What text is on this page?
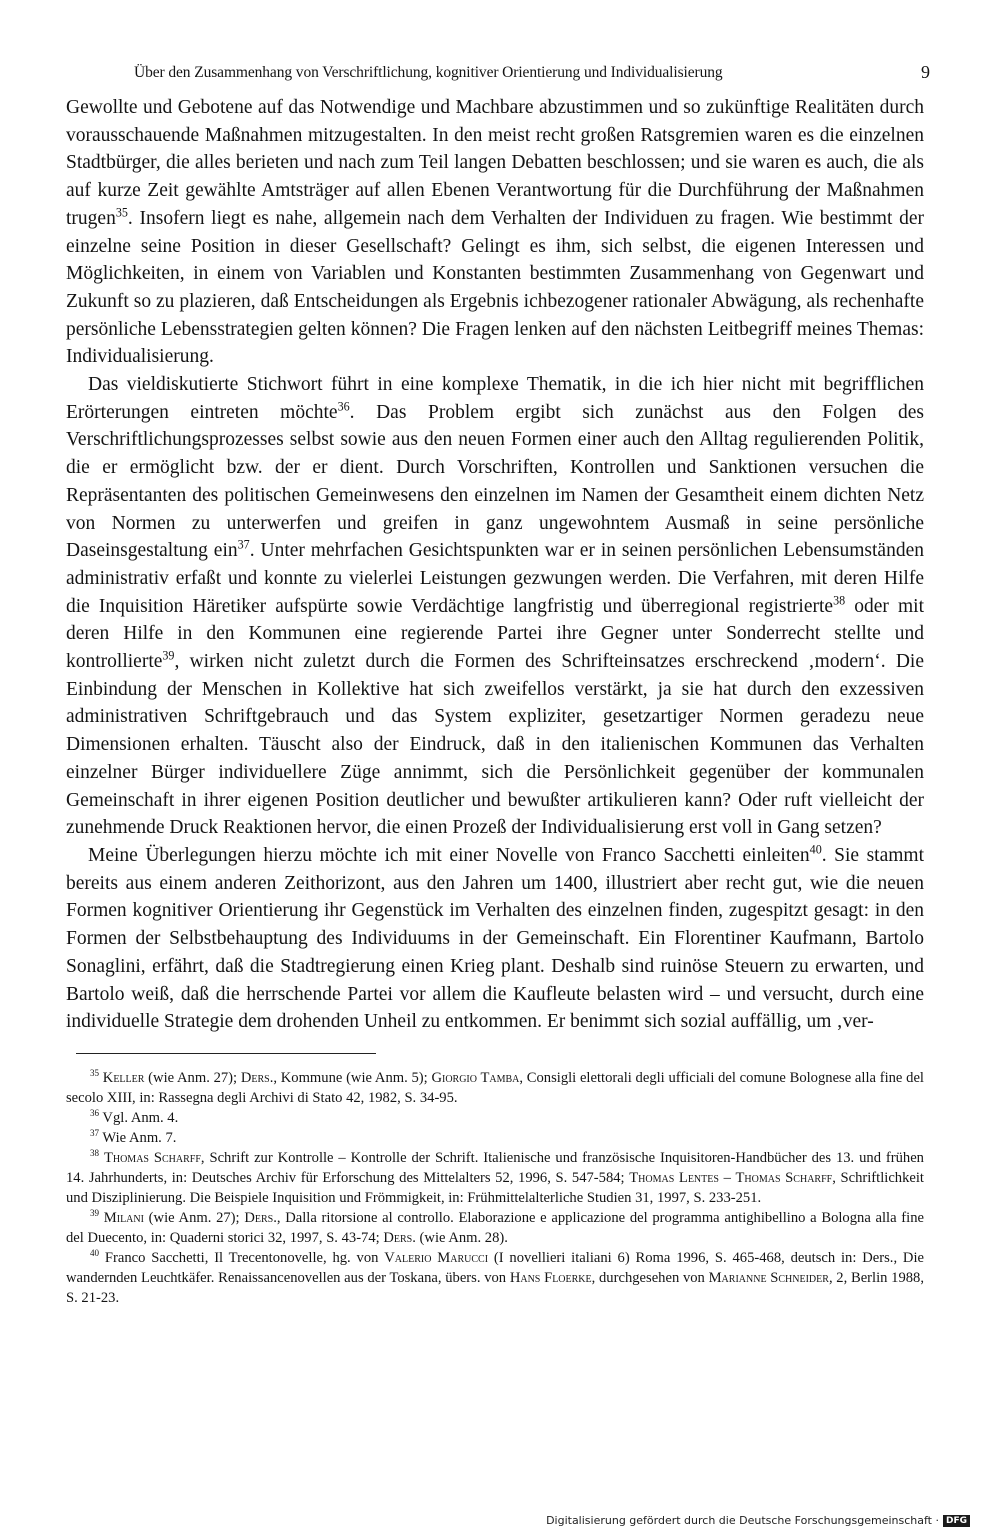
Über den Zusammenhang von Verschriftlichung, kognitiver Orientierung und Individualisierung	9

Gewollte und Gebotene auf das Notwendige und Machbare abzustimmen und so zukünftige Realitäten durch vorausschauende Maßnahmen mitzugestalten. In den meist recht großen Ratsgremien waren es die einzelnen Stadtbürger, die alles berieten und nach zum Teil langen Debatten beschlossen; und sie waren es auch, die als auf kurze Zeit gewählte Amtsträger auf allen Ebenen Verantwortung für die Durchführung der Maßnahmen trugen$^{35}$. Insofern liegt es nahe, allgemein nach dem Verhalten der Individuen zu fragen. Wie bestimmt der einzelne seine Position in dieser Gesellschaft? Gelingt es ihm, sich selbst, die eigenen Interessen und Möglichkeiten, in einem von Variablen und Konstanten bestimmten Zusammenhang von Gegenwart und Zukunft so zu plazieren, daß Entscheidungen als Ergebnis ichbezogener rationaler Abwägung, als rechenhafte persönliche Lebensstrategien gelten können? Die Fragen lenken auf den nächsten Leitbegriff meines Themas: Individualisierung.

Das vieldiskutierte Stichwort führt in eine komplexe Thematik, in die ich hier nicht mit begrifflichen Erörterungen eintreten möchte$^{36}$. Das Problem ergibt sich zunächst aus den Folgen des Verschriftlichungsprozesses selbst sowie aus den neuen Formen einer auch den Alltag regulierenden Politik, die er ermöglicht bzw. der er dient. Durch Vorschriften, Kontrollen und Sanktionen versuchen die Repräsentanten des politischen Gemeinwesens den einzelnen im Namen der Gesamtheit einem dichten Netz von Normen zu unterwerfen und greifen in ganz ungewohntem Ausmaß in seine persönliche Daseinsgestaltung ein$^{37}$. Unter mehrfachen Gesichtspunkten war er in seinen persönlichen Lebensumständen administrativ erfaßt und konnte zu vielerlei Leistungen gezwungen werden. Die Verfahren, mit deren Hilfe die Inquisition Häretiker aufspürte sowie Verdächtige langfristig und überregional registrierte$^{38}$ oder mit deren Hilfe in den Kommunen eine regierende Partei ihre Gegner unter Sonderrecht stellte und kontrollierte$^{39}$, wirken nicht zuletzt durch die Formen des Schrifteinsatzes erschreckend ‚modern‘. Die Einbindung der Menschen in Kollektive hat sich zweifellos verstärkt, ja sie hat durch den exzessiven administrativen Schriftgebrauch und das System expliziter, gesetzartiger Normen geradezu neue Dimensionen erhalten. Täuscht also der Eindruck, daß in den italienischen Kommunen das Verhalten einzelner Bürger individuellere Züge annimmt, sich die Persönlichkeit gegenüber der kommunalen Gemeinschaft in ihrer eigenen Position deutlicher und bewußter artikulieren kann? Oder ruft vielleicht der zunehmende Druck Reaktionen hervor, die einen Prozeß der Individualisierung erst voll in Gang setzen?

Meine Überlegungen hierzu möchte ich mit einer Novelle von Franco Sacchetti einleiten$^{40}$. Sie stammt bereits aus einem anderen Zeithorizont, aus den Jahren um 1400, illustriert aber recht gut, wie die neuen Formen kognitiver Orientierung ihr Gegenstück im Verhalten des einzelnen finden, zugespitzt gesagt: in den Formen der Selbstbehauptung des Individuums in der Gemeinschaft. Ein Florentiner Kaufmann, Bartolo Sonaglini, erfährt, daß die Stadtregierung einen Krieg plant. Deshalb sind ruinöse Steuern zu erwarten, und Bartolo weiß, daß die herrschende Partei vor allem die Kaufleute belasten wird – und versucht, durch eine individuelle Strategie dem drohenden Unheil zu entkommen. Er benimmt sich sozial auffällig, um ‚ver-

$^{35}$ Keller (wie Anm. 27); Ders., Kommune (wie Anm. 5); Giorgio Tamba, Consigli elettorali degli ufficiali del comune Bolognese alla fine del secolo XIII, in: Rassegna degli Archivi di Stato 42, 1982, S. 34-95.

$^{36}$ Vgl. Anm. 4.

$^{37}$ Wie Anm. 7.

$^{38}$ Thomas Scharff, Schrift zur Kontrolle – Kontrolle der Schrift. Italienische und französische Inquisitoren-Handbücher des 13. und frühen 14. Jahrhunderts, in: Deutsches Archiv für Erforschung des Mittelalters 52, 1996, S. 547-584; Thomas Lentes – Thomas Scharff, Schriftlichkeit und Disziplinierung. Die Beispiele Inquisition und Frömmigkeit, in: Frühmittelalterliche Studien 31, 1997, S. 233-251.

$^{39}$ Milani (wie Anm. 27); Ders., Dalla ritorsione al controllo. Elaborazione e applicazione del programma antighibellino a Bologna alla fine del Duecento, in: Quaderni storici 32, 1997, S. 43-74; Ders. (wie Anm. 28).

$^{40}$ Franco Sacchetti, Il Trecentonovelle, hg. von Valerio Marucci (I novellieri italiani 6) Roma 1996, S. 465-468, deutsch in: Ders., Die wandernden Leuchtkäfer. Renaissancenovellen aus der Toskana, übers. von Hans Floerke, durchgesehen von Marianne Schneider, 2, Berlin 1988, S. 21-23.

Digitalisierung gefördert durch die Deutsche Forschungsgemeinschaft · DFG
